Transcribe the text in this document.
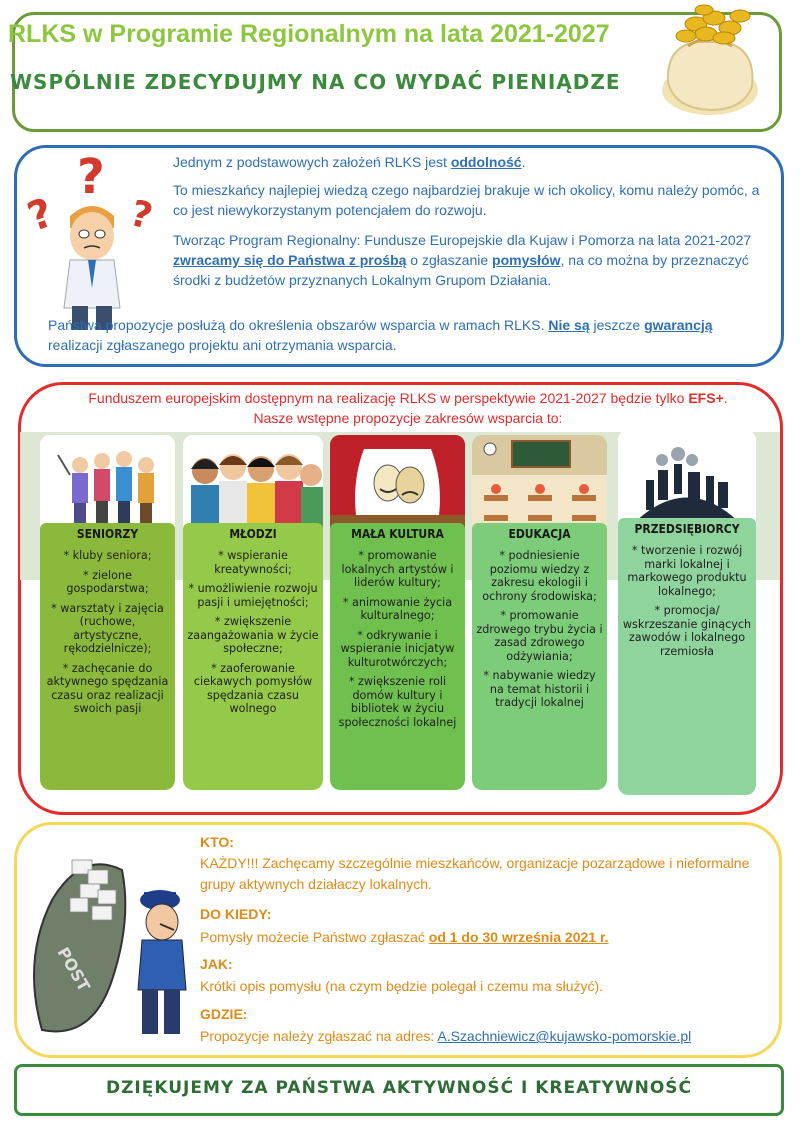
RLKS w Programie Regionalnym na lata 2021-2027
WSPÓLNIE ZDECYDUJMY NA CO WYDAĆ PIENIĄDZE
?
? ?
Jednym z podstawowych założeń RLKS jest oddolność.
To mieszkańcy najlepiej wiedzą czego najbardziej brakuje w ich okolicy, komu należy pomóc, a co jest niewykorzystanym potencjałem do rozwoju.
Tworząc Program Regionalny: Fundusze Europejskie dla Kujaw i Pomorza na lata 2021-2027 zwracamy się do Państwa z prośbą o zgłaszanie pomysłów, na co można by przeznaczyć środki z budżetów przyznanych Lokalnym Grupom Działania.
Państwa propozycje posłużą do określenia obszarów wsparcia w ramach RLKS. Nie są jeszcze gwarancją realizacji zgłaszanego projektu ani otrzymania wsparcia.
Funduszem europejskim dostępnym na realizację RLKS w perspektywie 2021-2027 będzie tylko EFS+. Nasze wstępne propozycje zakresów wsparcia to:
SENIORZY
* kluby seniora;
* zielone gospodarstwa;
* warsztaty i zajęcia (ruchowe, artystyczne, rękodzielnicze);
* zachęcanie do aktywnego spędzania czasu oraz realizacji swoich pasji
MŁODZI
* wspieranie kreatywności;
* umożliwienie rozwoju pasji i umiejętności;
* zwiększenie zaangażowania w życie społeczne;
* zaoferowanie ciekawych pomysłów spędzania czasu wolnego
MAŁA KULTURA
* promowanie lokalnych artystów i liderów kultury;
* animowanie życia kulturalnego;
* odkrywanie i wspieranie inicjatyw kulturotwórczych;
* zwiększenie roli domów kultury i bibliotek w życiu społeczności lokalnej
EDUKACJA
* podniesienie poziomu wiedzy z zakresu ekologii i ochrony środowiska;
* promowanie zdrowego trybu życia i zasad zdrowego odżywiania;
* nabywanie wiedzy na temat historii i tradycji lokalnej
PRZEDSIĘBIORCY
* tworzenie i rozwój marki lokalnej i markowego produktu lokalnego;
* promocja/ wskrzeszanie ginących zawodów i lokalnego rzemiosła
POST
KTO:
KAŻDY!!! Zachęcamy szczególnie mieszkańców, organizacje pozarządowe i nieformalne grupy aktywnych działaczy lokalnych.
DO KIEDY:
Pomysły możecie Państwo zgłaszać od 1 do 30 września 2021 r.
JAK:
Krótki opis pomysłu (na czym będzie polegał i czemu ma służyć).
GDZIE:
Propozycje należy zgłaszać na adres: A.Szachniewicz@kujawsko-pomorskie.pl
DZIĘKUJEMY ZA PAŃSTWA AKTYWNOŚĆ I KREATYWNOŚĆ
